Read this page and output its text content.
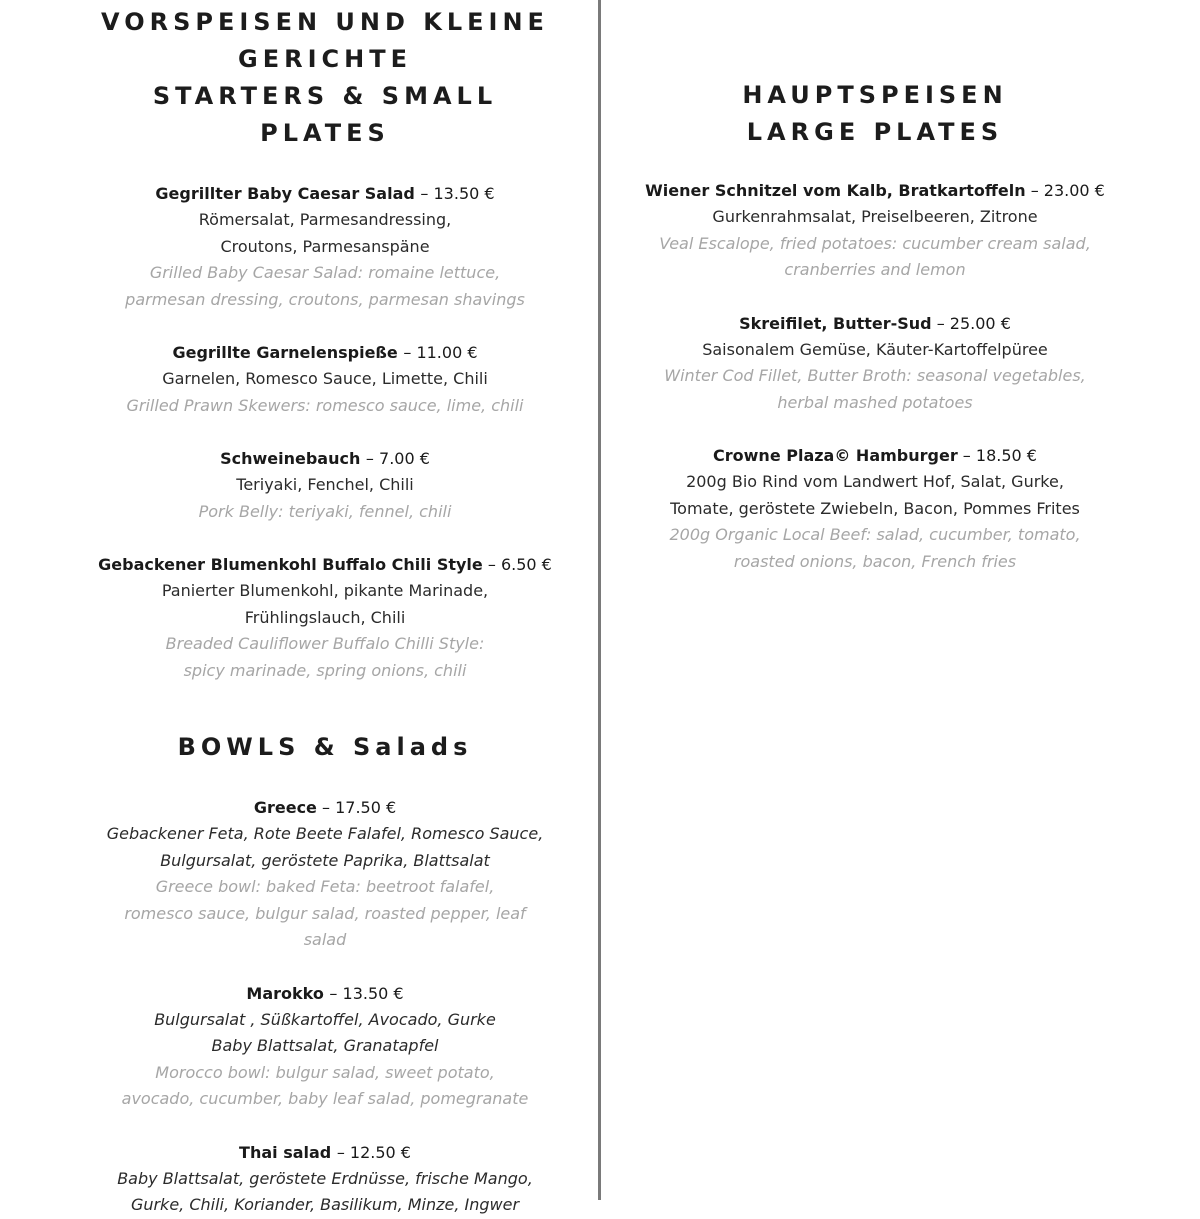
VORSPEISEN UND KLEINE
GERICHTE
STARTERS & SMALL
PLATES
Gegrillter Baby Caesar Salad – 13.50 €
Römersalat, Parmesandressing,
Croutons, Parmesanspäne
Grilled Baby Caesar Salad: romaine lettuce,
parmesan dressing, croutons, parmesan shavings
Gegrillte Garnelenspieße – 11.00 €
Garnelen, Romesco Sauce, Limette, Chili
Grilled Prawn Skewers: romesco sauce, lime, chili
Schweinebauch – 7.00 €
Teriyaki, Fenchel, Chili
Pork Belly: teriyaki, fennel, chili
Gebackener Blumenkohl Buffalo Chili Style – 6.50 €
Panierter Blumenkohl, pikante Marinade,
Frühlingslauch, Chili
Breaded Cauliflower Buffalo Chilli Style:
spicy marinade, spring onions, chili
BOWLS & Salads
Greece – 17.50 €
Gebackener Feta, Rote Beete Falafel, Romesco Sauce,
Bulgursalat, geröstete Paprika, Blattsalat
Greece bowl: baked Feta: beetroot falafel,
romesco sauce, bulgur salad, roasted pepper, leaf
salad
Marokko – 13.50 €
Bulgursalat , Süßkartoffel, Avocado, Gurke
Baby Blattsalat, Granatapfel
Morocco bowl: bulgur salad, sweet potato,
avocado, cucumber, baby leaf salad, pomegranate
Thai salad – 12.50 €
Baby Blattsalat, geröstete Erdnüsse, frische Mango,
Gurke, Chili, Koriander, Basilikum, Minze, Ingwer
HAUPTSPEISEN
LARGE PLATES
Wiener Schnitzel vom Kalb, Bratkartoffeln – 23.00 €
Gurkenrahmsalat, Preiselbeeren, Zitrone
Veal Escalope, fried potatoes: cucumber cream salad,
cranberries and lemon
Skreifilet, Butter-Sud – 25.00 €
Saisonalem Gemüse, Käuter-Kartoffelpüree
Winter Cod Fillet, Butter Broth: seasonal vegetables,
herbal mashed potatoes
Crowne Plaza© Hamburger – 18.50 €
200g Bio Rind vom Landwert Hof, Salat, Gurke,
Tomate, geröstete Zwiebeln, Bacon, Pommes Frites
200g Organic Local Beef: salad, cucumber, tomato,
roasted onions, bacon, French fries
